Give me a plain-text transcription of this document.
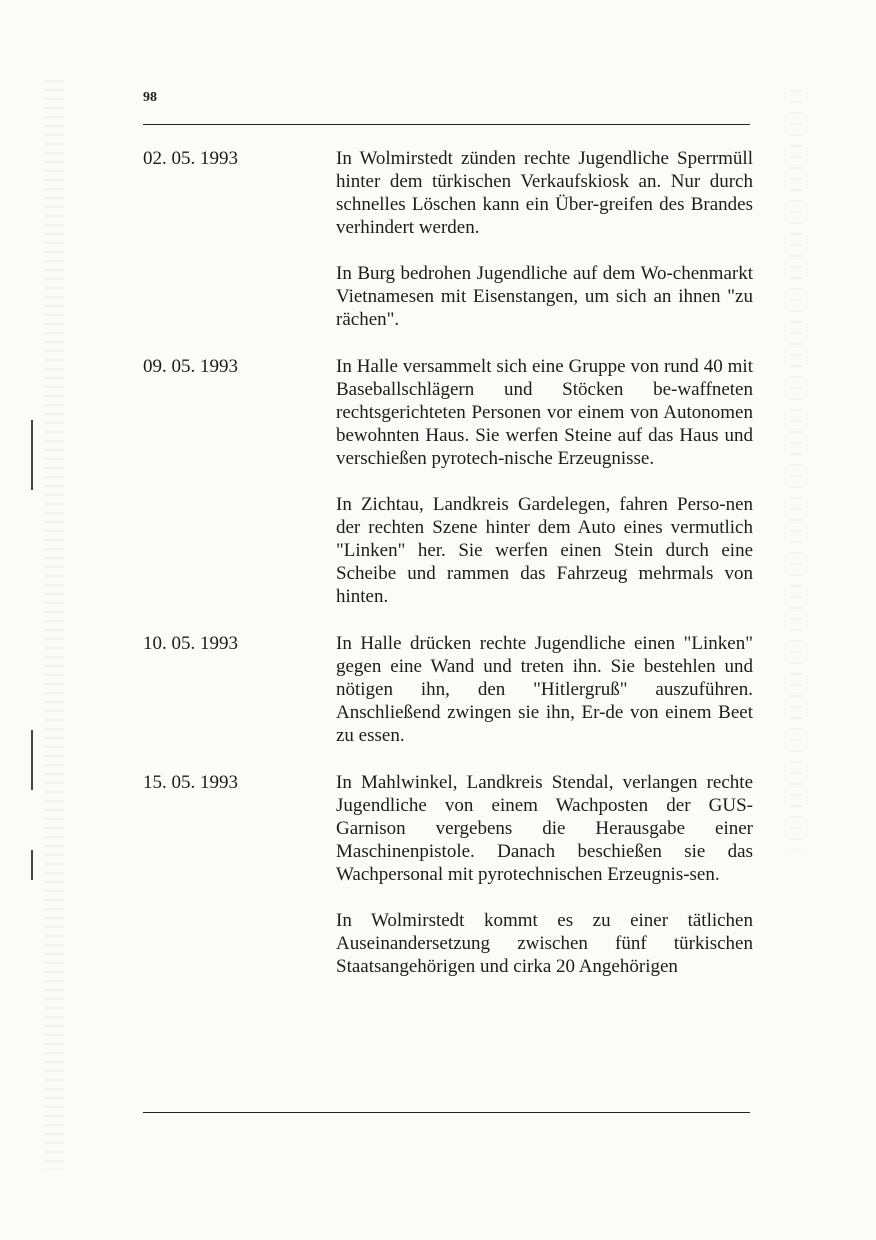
98
02. 05. 1993	In Wolmirstedt zünden rechte Jugendliche Sperrmüll hinter dem türkischen Verkaufskiosk an. Nur durch schnelles Löschen kann ein Über-greifen des Brandes verhindert werden.

In Burg bedrohen Jugendliche auf dem Wo-chenmarkt Vietnamesen mit Eisenstangen, um sich an ihnen "zu rächen".

09. 05. 1993	In Halle versammelt sich eine Gruppe von rund 40 mit Baseballschlägern und Stöcken be-waffneten rechtsgerichteten Personen vor einem von Autonomen bewohnten Haus. Sie werfen Steine auf das Haus und verschießen pyrotech-nische Erzeugnisse.

In Zichtau, Landkreis Gardelegen, fahren Perso-nen der rechten Szene hinter dem Auto eines vermutlich "Linken" her. Sie werfen einen Stein durch eine Scheibe und rammen das Fahrzeug mehrmals von hinten.

10. 05. 1993	In Halle drücken rechte Jugendliche einen "Linken" gegen eine Wand und treten ihn. Sie bestehlen und nötigen ihn, den "Hitlergruß" auszuführen. Anschließend zwingen sie ihn, Er-de von einem Beet zu essen.

15. 05. 1993	In Mahlwinkel, Landkreis Stendal, verlangen rechte Jugendliche von einem Wachposten der GUS-Garnison vergebens die Herausgabe einer Maschinenpistole. Danach beschießen sie das Wachpersonal mit pyrotechnischen Erzeugnis-sen.

In Wolmirstedt kommt es zu einer tätlichen Auseinandersetzung zwischen fünf türkischen Staatsangehörigen und cirka 20 Angehörigen
